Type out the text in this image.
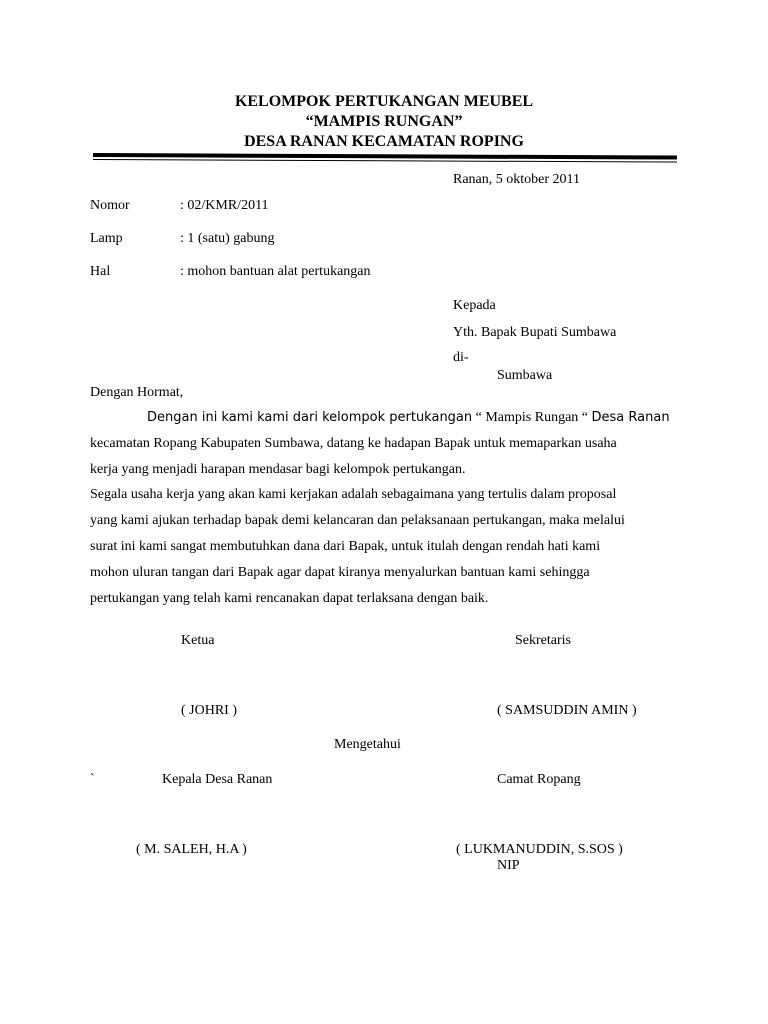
KELOMPOK PERTUKANGAN MEUBEL
“MAMPIS RUNGAN”
DESA RANAN KECAMATAN ROPING
Ranan, 5 oktober 2011
Nomor	: 02/KMR/2011
Lamp	: 1 (satu) gabung
Hal	: mohon bantuan alat pertukangan
Kepada
Yth. Bapak Bupati Sumbawa
di-
Sumbawa
Dengan Hormat,
Dengan ini kami kami dari kelompok pertukangan “ Mampis Rungan “ Desa Ranan
kecamatan Ropang Kabupaten Sumbawa, datang ke hadapan Bapak untuk memaparkan usaha
kerja yang menjadi harapan mendasar bagi kelompok pertukangan.
Segala usaha kerja yang akan kami kerjakan adalah sebagaimana yang tertulis dalam proposal
yang kami ajukan terhadap bapak demi kelancaran dan pelaksanaan pertukangan, maka melalui
surat ini kami sangat membutuhkan dana dari Bapak, untuk itulah dengan rendah hati kami
mohon uluran tangan dari Bapak agar dapat kiranya menyalurkan bantuan kami sehingga
pertukangan yang telah kami rencanakan dapat terlaksana dengan baik.
Ketua	Sekretaris
( JOHRI )	( SAMSUDDIN AMIN )
Mengetahui
`	Kepala Desa Ranan	Camat Ropang
( M. SALEH, H.A )	( LUKMANUDDIN, S.SOS )
NIP
